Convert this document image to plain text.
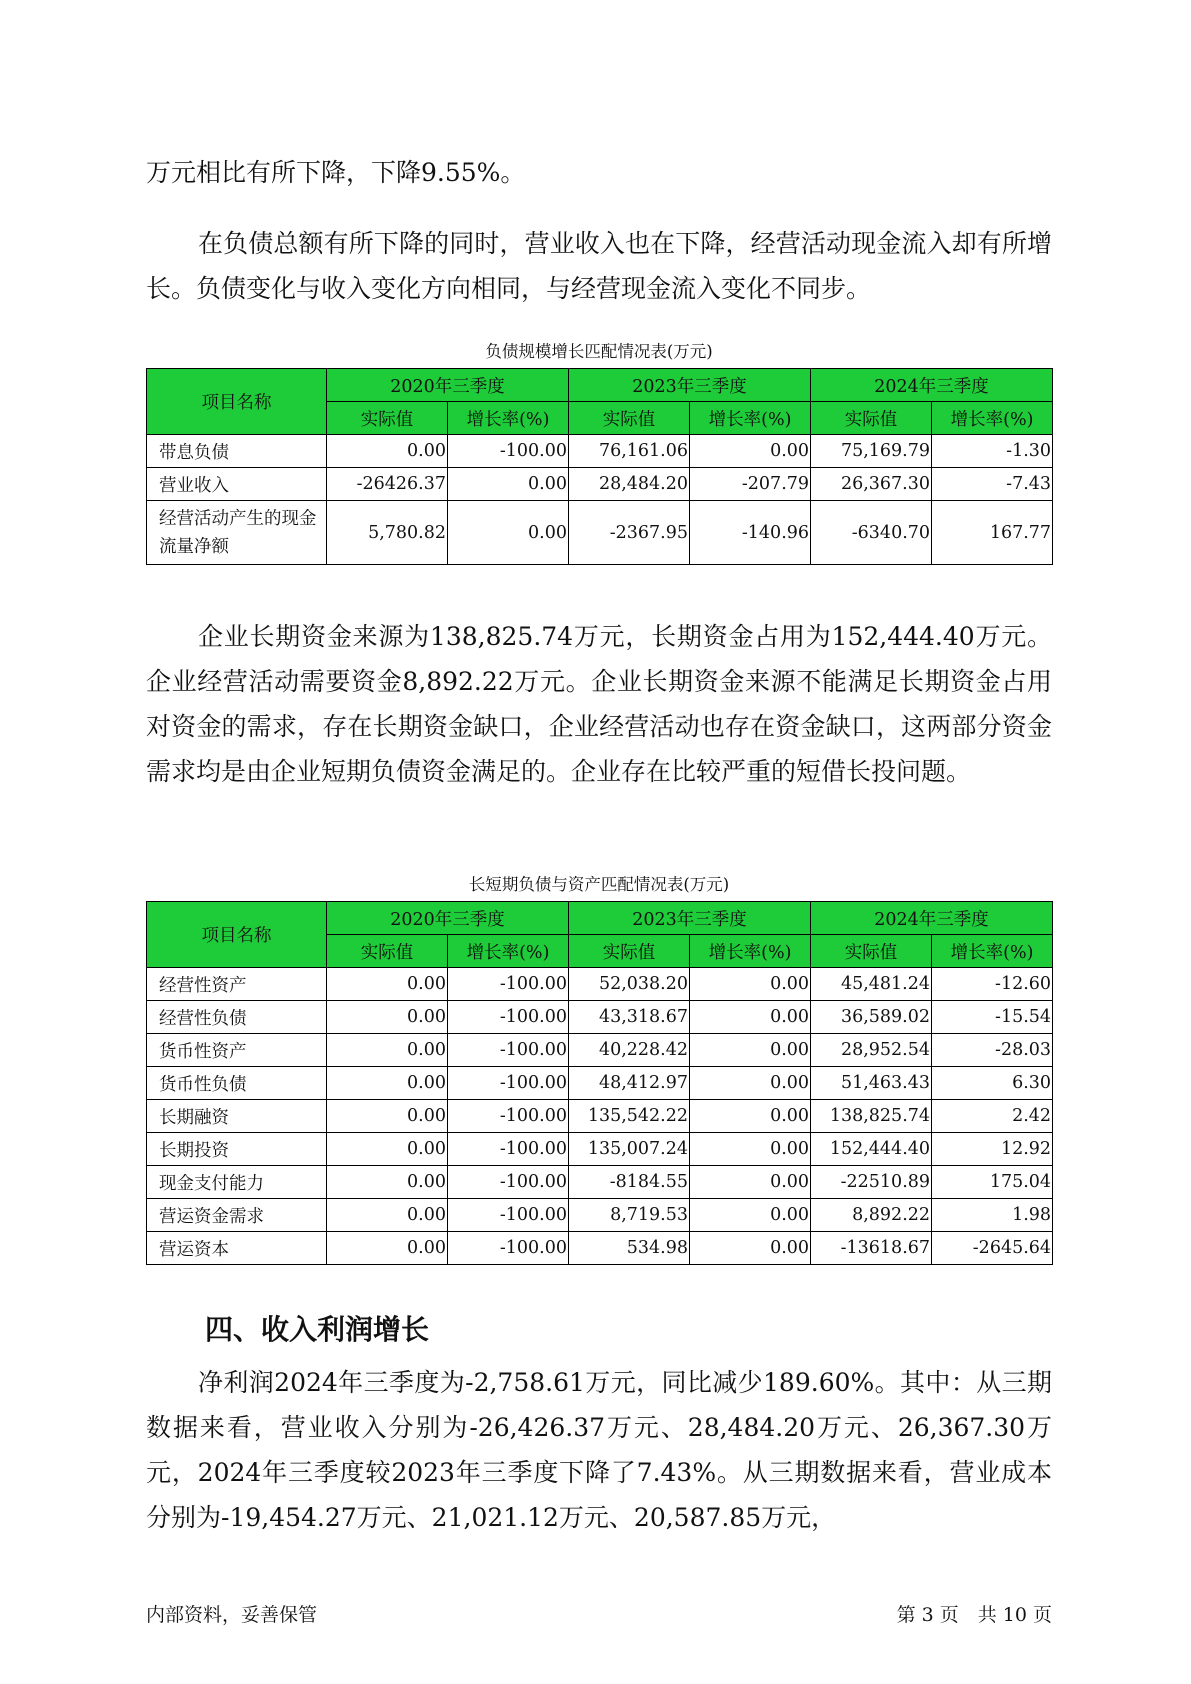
万元相比有所下降，下降9.55%。

在负债总额有所下降的同时，营业收入也在下降，经营活动现金流入却有所增长。负债变化与收入变化方向相同，与经营现金流入变化不同步。

负债规模增长匹配情况表(万元)
项目名称	2020年三季度		2023年三季度		2024年三季度	
	实际值	增长率(%)	实际值	增长率(%)	实际值	增长率(%)
带息负债	0.00	-100.00	76,161.06	0.00	75,169.79	-1.30
营业收入	-26426.37	0.00	28,484.20	-207.79	26,367.30	-7.43
经营活动产生的现金流量净额	5,780.82	0.00	-2367.95	-140.96	-6340.70	167.77

企业长期资金来源为138,825.74万元，长期资金占用为152,444.40万元。企业经营活动需要资金8,892.22万元。企业长期资金来源不能满足长期资金占用对资金的需求，存在长期资金缺口，企业经营活动也存在资金缺口，这两部分资金需求均是由企业短期负债资金满足的。企业存在比较严重的短借长投问题。

长短期负债与资产匹配情况表(万元)
项目名称	2020年三季度		2023年三季度		2024年三季度	
	实际值	增长率(%)	实际值	增长率(%)	实际值	增长率(%)
经营性资产	0.00	-100.00	52,038.20	0.00	45,481.24	-12.60
经营性负债	0.00	-100.00	43,318.67	0.00	36,589.02	-15.54
货币性资产	0.00	-100.00	40,228.42	0.00	28,952.54	-28.03
货币性负债	0.00	-100.00	48,412.97	0.00	51,463.43	6.30
长期融资	0.00	-100.00	135,542.22	0.00	138,825.74	2.42
长期投资	0.00	-100.00	135,007.24	0.00	152,444.40	12.92
现金支付能力	0.00	-100.00	-8184.55	0.00	-22510.89	175.04
营运资金需求	0.00	-100.00	8,719.53	0.00	8,892.22	1.98
营运资本	0.00	-100.00	534.98	0.00	-13618.67	-2645.64
四、收入利润增长

净利润2024年三季度为-2,758.61万元，同比减少189.60%。其中：从三期数据来看，营业收入分别为-26,426.37万元、28,484.20万元、26,367.30万元，2024年三季度较2023年三季度下降了7.43%。从三期数据来看，营业成本分别为-19,454.27万元、21,021.12万元、20,587.85万元，

内部资料，妥善保管	第 3 页　共 10 页
